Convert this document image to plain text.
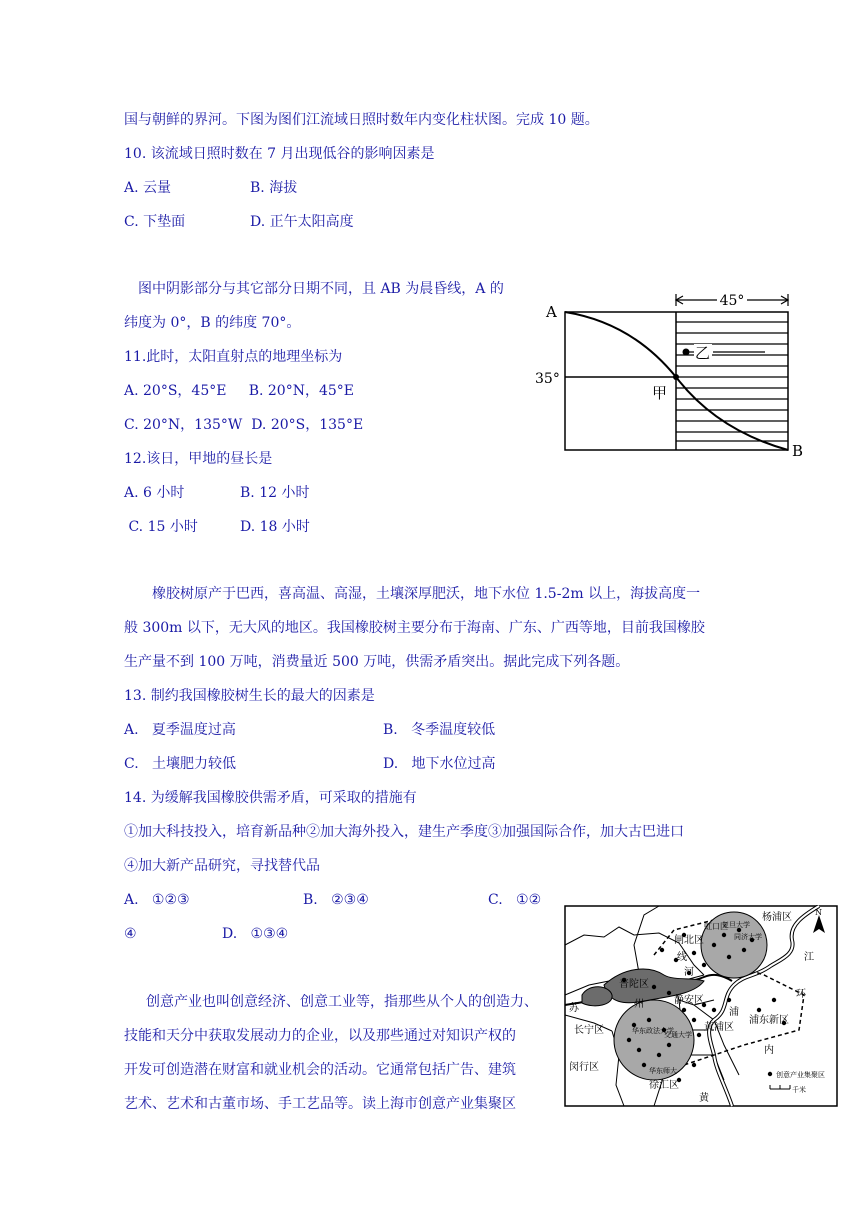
国与朝鲜的界河。下图为图们江流域日照时数年内变化柱状图。完成 10 题。
10. 该流域日照时数在 7 月出现低谷的影响因素是
A. 云量	B. 海拔
C. 下垫面	D. 正午太阳高度
图中阴影部分与其它部分日期不同，且 AB 为晨昏线，A 的
纬度为 0°，B 的纬度 70°。
11.此时，太阳直射点的地理坐标为
A. 20°S，45°E     B. 20°N，45°E
C. 20°N，135°W  D. 20°S，135°E
12.该日，甲地的昼长是
A. 6 小时	B. 12 小时
C. 15 小时	D. 18 小时
橡胶树原产于巴西，喜高温、高湿，土壤深厚肥沃，地下水位 1.5-2m 以上，海拔高度一
般 300m 以下，无大风的地区。我国橡胶树主要分布于海南、广东、广西等地，目前我国橡胶
生产量不到 100 万吨，消费量近 500 万吨，供需矛盾突出。据此完成下列各题。
13. 制约我国橡胶树生长的最大的因素是
A.   夏季温度过高	B.   冬季温度较低
C.   土壤肥力较低	D.   地下水位过高
14. 为缓解我国橡胶供需矛盾，可采取的措施有
①加大科技投入，培育新品种②加大海外投入，建生产季度③加强国际合作，加大古巴进口
④加大新产品研究，寻找替代品
A.   ①②③	B.   ②③④	C.   ①②
④	D.   ①③④
创意产业也叫创意经济、创意工业等，指那些从个人的创造力、
技能和天分中获取发展动力的企业，以及那些通过对知识产权的
开发可创造潜在财富和就业机会的活动。它通常包括广告、建筑
艺术、艺术和古董市场、手工艺品等。读上海市创意产业集聚区
45°
A
B
35°
甲
乙
杨浦区
虹口区
复旦大学
同济大学
闸北区
线
河
普陀区
苏	州	静安区
浦
黄浦区
浦东新区
环
江
内
长宁区	华东政法大学
交通大学
华东师大
闵行区
徐汇区
黄
N
创意产业集聚区
千米
